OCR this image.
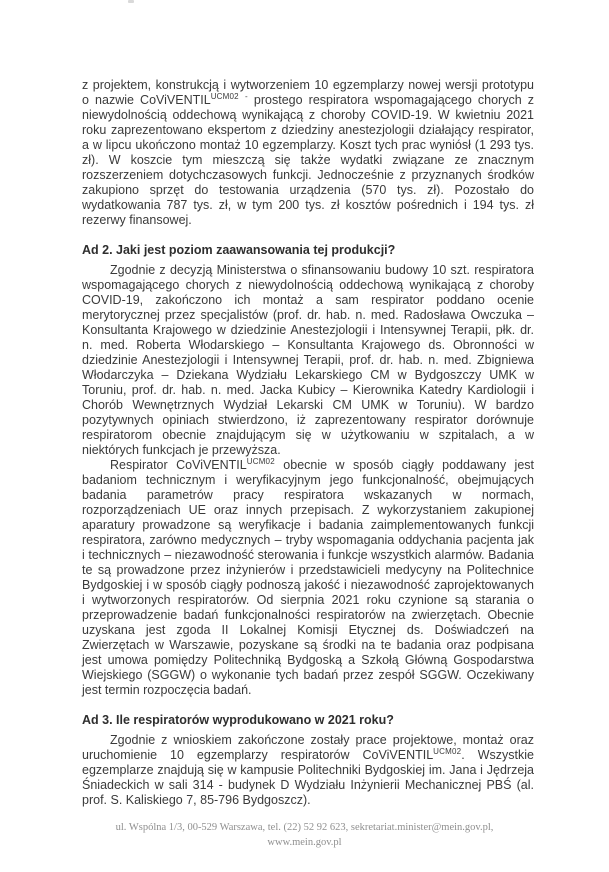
z projektem, konstrukcją i wytworzeniem 10 egzemplarzy nowej wersji prototypu o nazwie CoViVENTIL$^{UCM02}$ - prostego respiratora wspomagającego chorych z niewydolnością oddechową wynikającą z choroby COVID-19. W kwietniu 2021 roku zaprezentowano ekspertom z dziedziny anestezjologii działający respirator, a w lipcu ukończono montaż 10 egzemplarzy. Koszt tych prac wyniósł (1 293 tys. zł). W koszcie tym mieszczą się także wydatki związane ze znacznym rozszerzeniem dotychczasowych funkcji. Jednocześnie z przyznanych środków zakupiono sprzęt do testowania urządzenia (570 tys. zł). Pozostało do wydatkowania 787 tys. zł, w tym 200 tys. zł kosztów pośrednich i 194 tys. zł rezerwy finansowej.

Ad 2. Jaki jest poziom zaawansowania tej produkcji?

Zgodnie z decyzją Ministerstwa o sfinansowaniu budowy 10 szt. respiratora wspomagającego chorych z niewydolnością oddechową wynikającą z choroby COVID-19, zakończono ich montaż a sam respirator poddano ocenie merytorycznej przez specjalistów (prof. dr. hab. n. med. Radosława Owczuka – Konsultanta Krajowego w dziedzinie Anestezjologii i Intensywnej Terapii, płk. dr. n. med. Roberta Włodarskiego – Konsultanta Krajowego ds. Obronności w dziedzinie Anestezjologii i Intensywnej Terapii, prof. dr. hab. n. med. Zbigniewa Włodarczyka – Dziekana Wydziału Lekarskiego CM w Bydgoszczy UMK w Toruniu, prof. dr. hab. n. med. Jacka Kubicy – Kierownika Katedry Kardiologii i Chorób Wewnętrznych Wydział Lekarski CM UMK w Toruniu). W bardzo pozytywnych opiniach stwierdzono, iż zaprezentowany respirator dorównuje respiratorom obecnie znajdującym się w użytkowaniu w szpitalach, a w niektórych funkcjach je przewyższa.

Respirator CoViVENTIL$^{UCM02}$ obecnie w sposób ciągły poddawany jest badaniom technicznym i weryfikacyjnym jego funkcjonalność, obejmujących badania parametrów pracy respiratora wskazanych w normach, rozporządzeniach UE oraz innych przepisach. Z wykorzystaniem zakupionej aparatury prowadzone są weryfikacje i badania zaimplementowanych funkcji respiratora, zarówno medycznych – tryby wspomagania oddychania pacjenta jak i technicznych – niezawodność sterowania i funkcje wszystkich alarmów. Badania te są prowadzone przez inżynierów i przedstawicieli medycyny na Politechnice Bydgoskiej i w sposób ciągły podnoszą jakość i niezawodność zaprojektowanych i wytworzonych respiratorów. Od sierpnia 2021 roku czynione są starania o przeprowadzenie badań funkcjonalności respiratorów na zwierzętach. Obecnie uzyskana jest zgoda II Lokalnej Komisji Etycznej ds. Doświadczeń na Zwierzętach w Warszawie, pozyskane są środki na te badania oraz podpisana jest umowa pomiędzy Politechniką Bydgoską a Szkołą Główną Gospodarstwa Wiejskiego (SGGW) o wykonanie tych badań przez zespół SGGW. Oczekiwany jest termin rozpoczęcia badań.

Ad 3. Ile respiratorów wyprodukowano w 2021 roku?

Zgodnie z wnioskiem zakończone zostały prace projektowe, montaż oraz uruchomienie 10 egzemplarzy respiratorów CoViVENTIL$^{UCM02}$. Wszystkie egzemplarze znajdują się w kampusie Politechniki Bydgoskiej im. Jana i Jędrzeja Śniadeckich w sali 314 - budynek D Wydziału Inżynierii Mechanicznej PBŚ (al. prof. S. Kaliskiego 7, 85-796 Bydgoszcz).

ul. Wspólna 1/3, 00-529 Warszawa, tel. (22) 52 92 623, sekretariat.minister@mein.gov.pl,
www.mein.gov.pl
